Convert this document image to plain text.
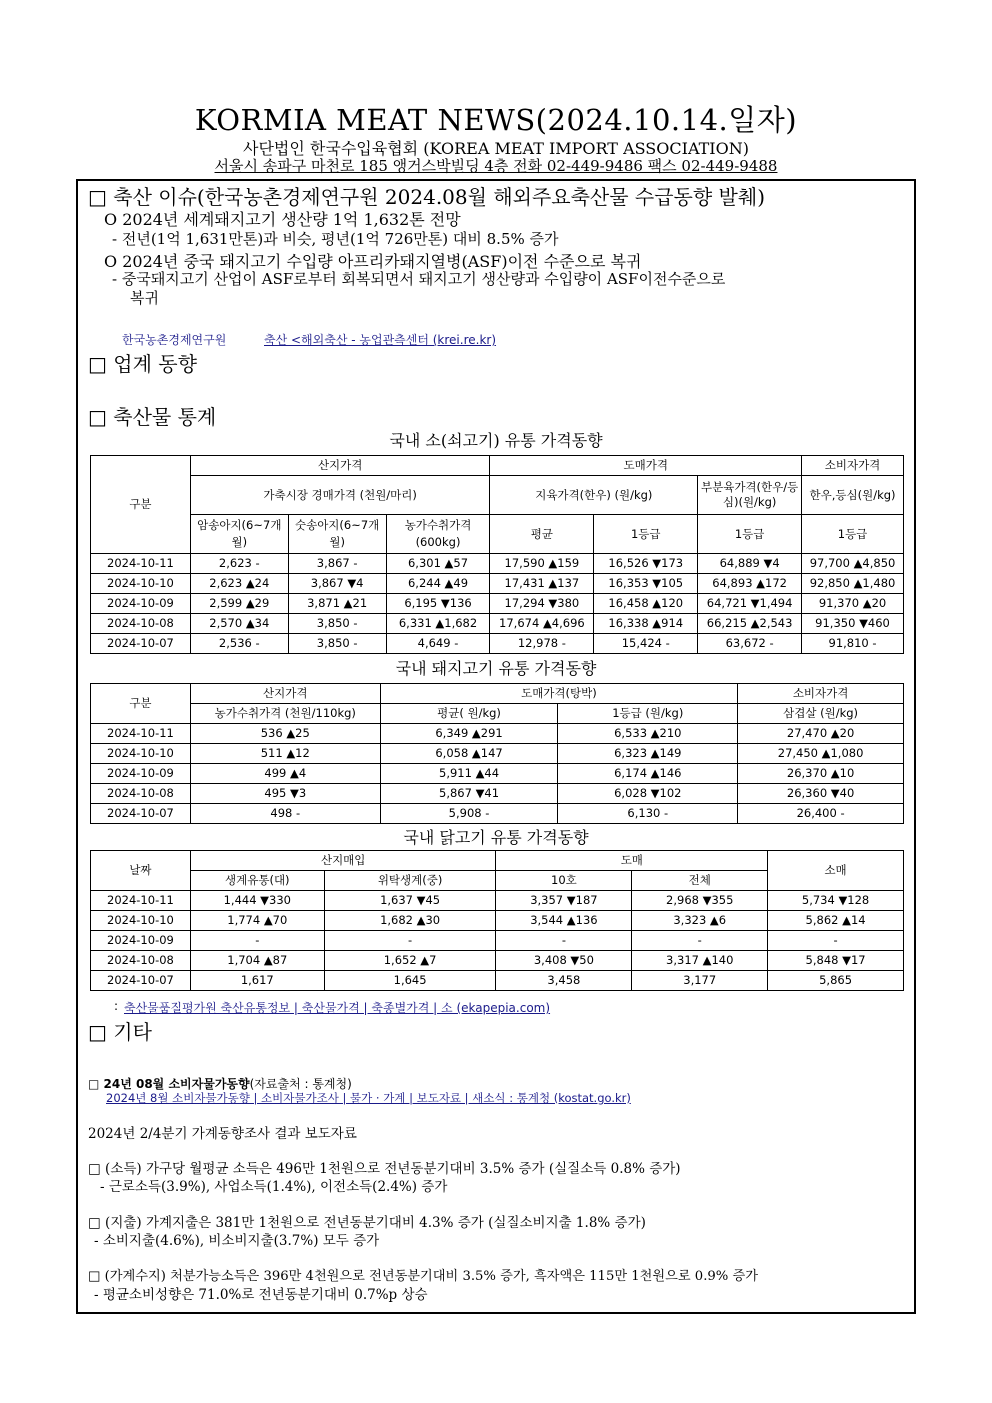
KORMIA MEAT NEWS(2024.10.14.일자)
사단법인 한국수입육협회 (KOREA MEAT IMPORT ASSOCIATION)
서울시 송파구 마천로 185 앵거스박빌딩 4층 전화 02-449-9486 팩스 02-449-9488
□ 축산 이슈(한국농촌경제연구원 2024.08월 해외주요축산물 수급동향 발췌)
O 2024년 세계돼지고기 생산량 1억 1,632톤 전망
- 전년(1억 1,631만톤)과 비슷, 평년(1억 726만톤) 대비 8.5% 증가
O 2024년 중국 돼지고기 수입량 아프리카돼지열병(ASF)이전 수준으로 복귀
- 중국돼지고기 산업이 ASF로부터 회복되면서 돼지고기 생산량과 수입량이 ASF이전수준으로
복귀
한국농촌경제연구원	축산 <해외축산 - 농업관측센터 (krei.re.kr)
□ 업계 동향
□ 축산물 통계
국내 소(쇠고기) 유통 가격동향
구분	산지가격			도매가격			소비자가격
	가축시장 경매가격 (천원/마리)			지육가격(한우) (원/kg)		부분육가격(한우/등심)(원/kg)	한우,등심(원/kg)
	암송아지(6~7개월)	숫송아지(6~7개월)	농가수취가격(600kg)	평균	1등급	1등급	1등급
2024-10-11	2,623 -	3,867 -	6,301 ▲57	17,590 ▲159	16,526 ▼173	64,889 ▼4	97,700 ▲4,850
2024-10-10	2,623 ▲24	3,867 ▼4	6,244 ▲49	17,431 ▲137	16,353 ▼105	64,893 ▲172	92,850 ▲1,480
2024-10-09	2,599 ▲29	3,871 ▲21	6,195 ▼136	17,294 ▼380	16,458 ▲120	64,721 ▼1,494	91,370 ▲20
2024-10-08	2,570 ▲34	3,850 -	6,331 ▲1,682	17,674 ▲4,696	16,338 ▲914	66,215 ▲2,543	91,350 ▼460
2024-10-07	2,536 -	3,850 -	4,649 -	12,978 -	15,424 -	63,672 -	91,810 -
국내 돼지고기 유통 가격동향
구분	산지가격	도매가격(탕박)		소비자가격
	농가수취가격 (천원/110kg)	평균( 원/kg)	1등급 (원/kg)	삼겹살 (원/kg)
2024-10-11	536 ▲25	6,349 ▲291	6,533 ▲210	27,470 ▲20
2024-10-10	511 ▲12	6,058 ▲147	6,323 ▲149	27,450 ▲1,080
2024-10-09	499 ▲4	5,911 ▲44	6,174 ▲146	26,370 ▲10
2024-10-08	495 ▼3	5,867 ▼41	6,028 ▼102	26,360 ▼40
2024-10-07	498 -	5,908 -	6,130 -	26,400 -
국내 닭고기 유통 가격동향
날짜	산지매입		도매		소매
	생계유통(대)	위탁생계(중)	10호	전체	
2024-10-11	1,444 ▼330	1,637 ▼45	3,357 ▼187	2,968 ▼355	5,734 ▼128
2024-10-10	1,774 ▲70	1,682 ▲30	3,544 ▲136	3,323 ▲6	5,862 ▲14
2024-10-09	-	-	-	-	-
2024-10-08	1,704 ▲87	1,652 ▲7	3,408 ▼50	3,317 ▲140	5,848 ▼17
2024-10-07	1,617	1,645	3,458	3,177	5,865
: 축산물품질평가원 축산유통정보 | 축산물가격 | 축종별가격 | 소 (ekapepia.com)
□ 기타
□ 24년 08월 소비자물가동향(자료출처 : 통계청)
2024년 8월 소비자물가동향 | 소비자물가조사 | 물가 · 가계 | 보도자료 | 새소식 : 통계청 (kostat.go.kr)
2024년 2/4분기 가계동향조사 결과 보도자료
□ (소득) 가구당 월평균 소득은 496만 1천원으로 전년동분기대비 3.5% 증가 (실질소득 0.8% 증가)
- 근로소득(3.9%), 사업소득(1.4%), 이전소득(2.4%) 증가
□ (지출) 가계지출은 381만 1천원으로 전년동분기대비 4.3% 증가 (실질소비지출 1.8% 증가)
- 소비지출(4.6%), 비소비지출(3.7%) 모두 증가
□ (가계수지) 처분가능소득은 396만 4천원으로 전년동분기대비 3.5% 증가, 흑자액은 115만 1천원으로 0.9% 증가
- 평균소비성향은 71.0%로 전년동분기대비 0.7%p 상승
